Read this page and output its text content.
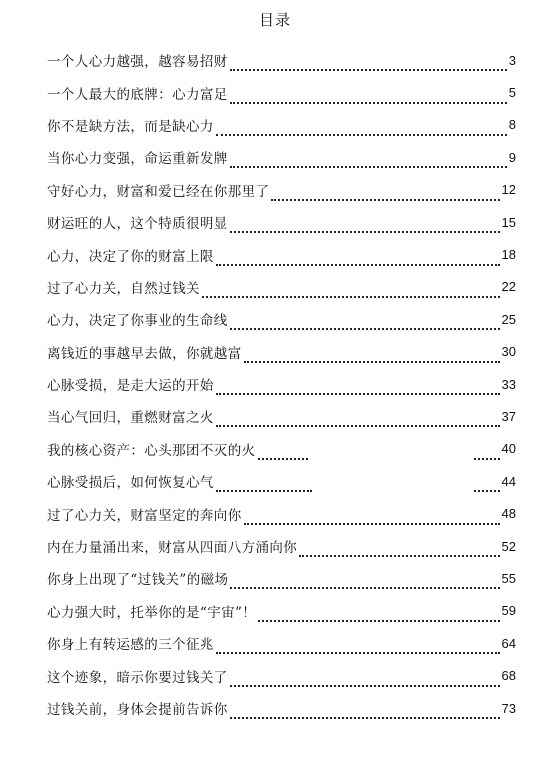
目录
一个人心力越强，越容易招财	3
一个人最大的底牌：心力富足	5
你不是缺方法，而是缺心力	8
当你心力变强，命运重新发牌	9
守好心力，财富和爱已经在你那里了	12
财运旺的人，这个特质很明显	15
心力，决定了你的财富上限	18
过了心力关，自然过钱关	22
心力，决定了你事业的生命线	25
离钱近的事越早去做，你就越富	30
心脉受损，是走大运的开始	33
当心气回归，重燃财富之火	37
我的核心资产：心头那团不灭的火	40
心脉受损后，如何恢复心气	44
过了心力关，财富坚定的奔向你	48
内在力量涌出来，财富从四面八方涌向你	52
你身上出现了“过钱关”的磁场	55
心力强大时，托举你的是“宇宙”！	59
你身上有转运感的三个征兆	64
这个迹象，暗示你要过钱关了	68
过钱关前，身体会提前告诉你	73
